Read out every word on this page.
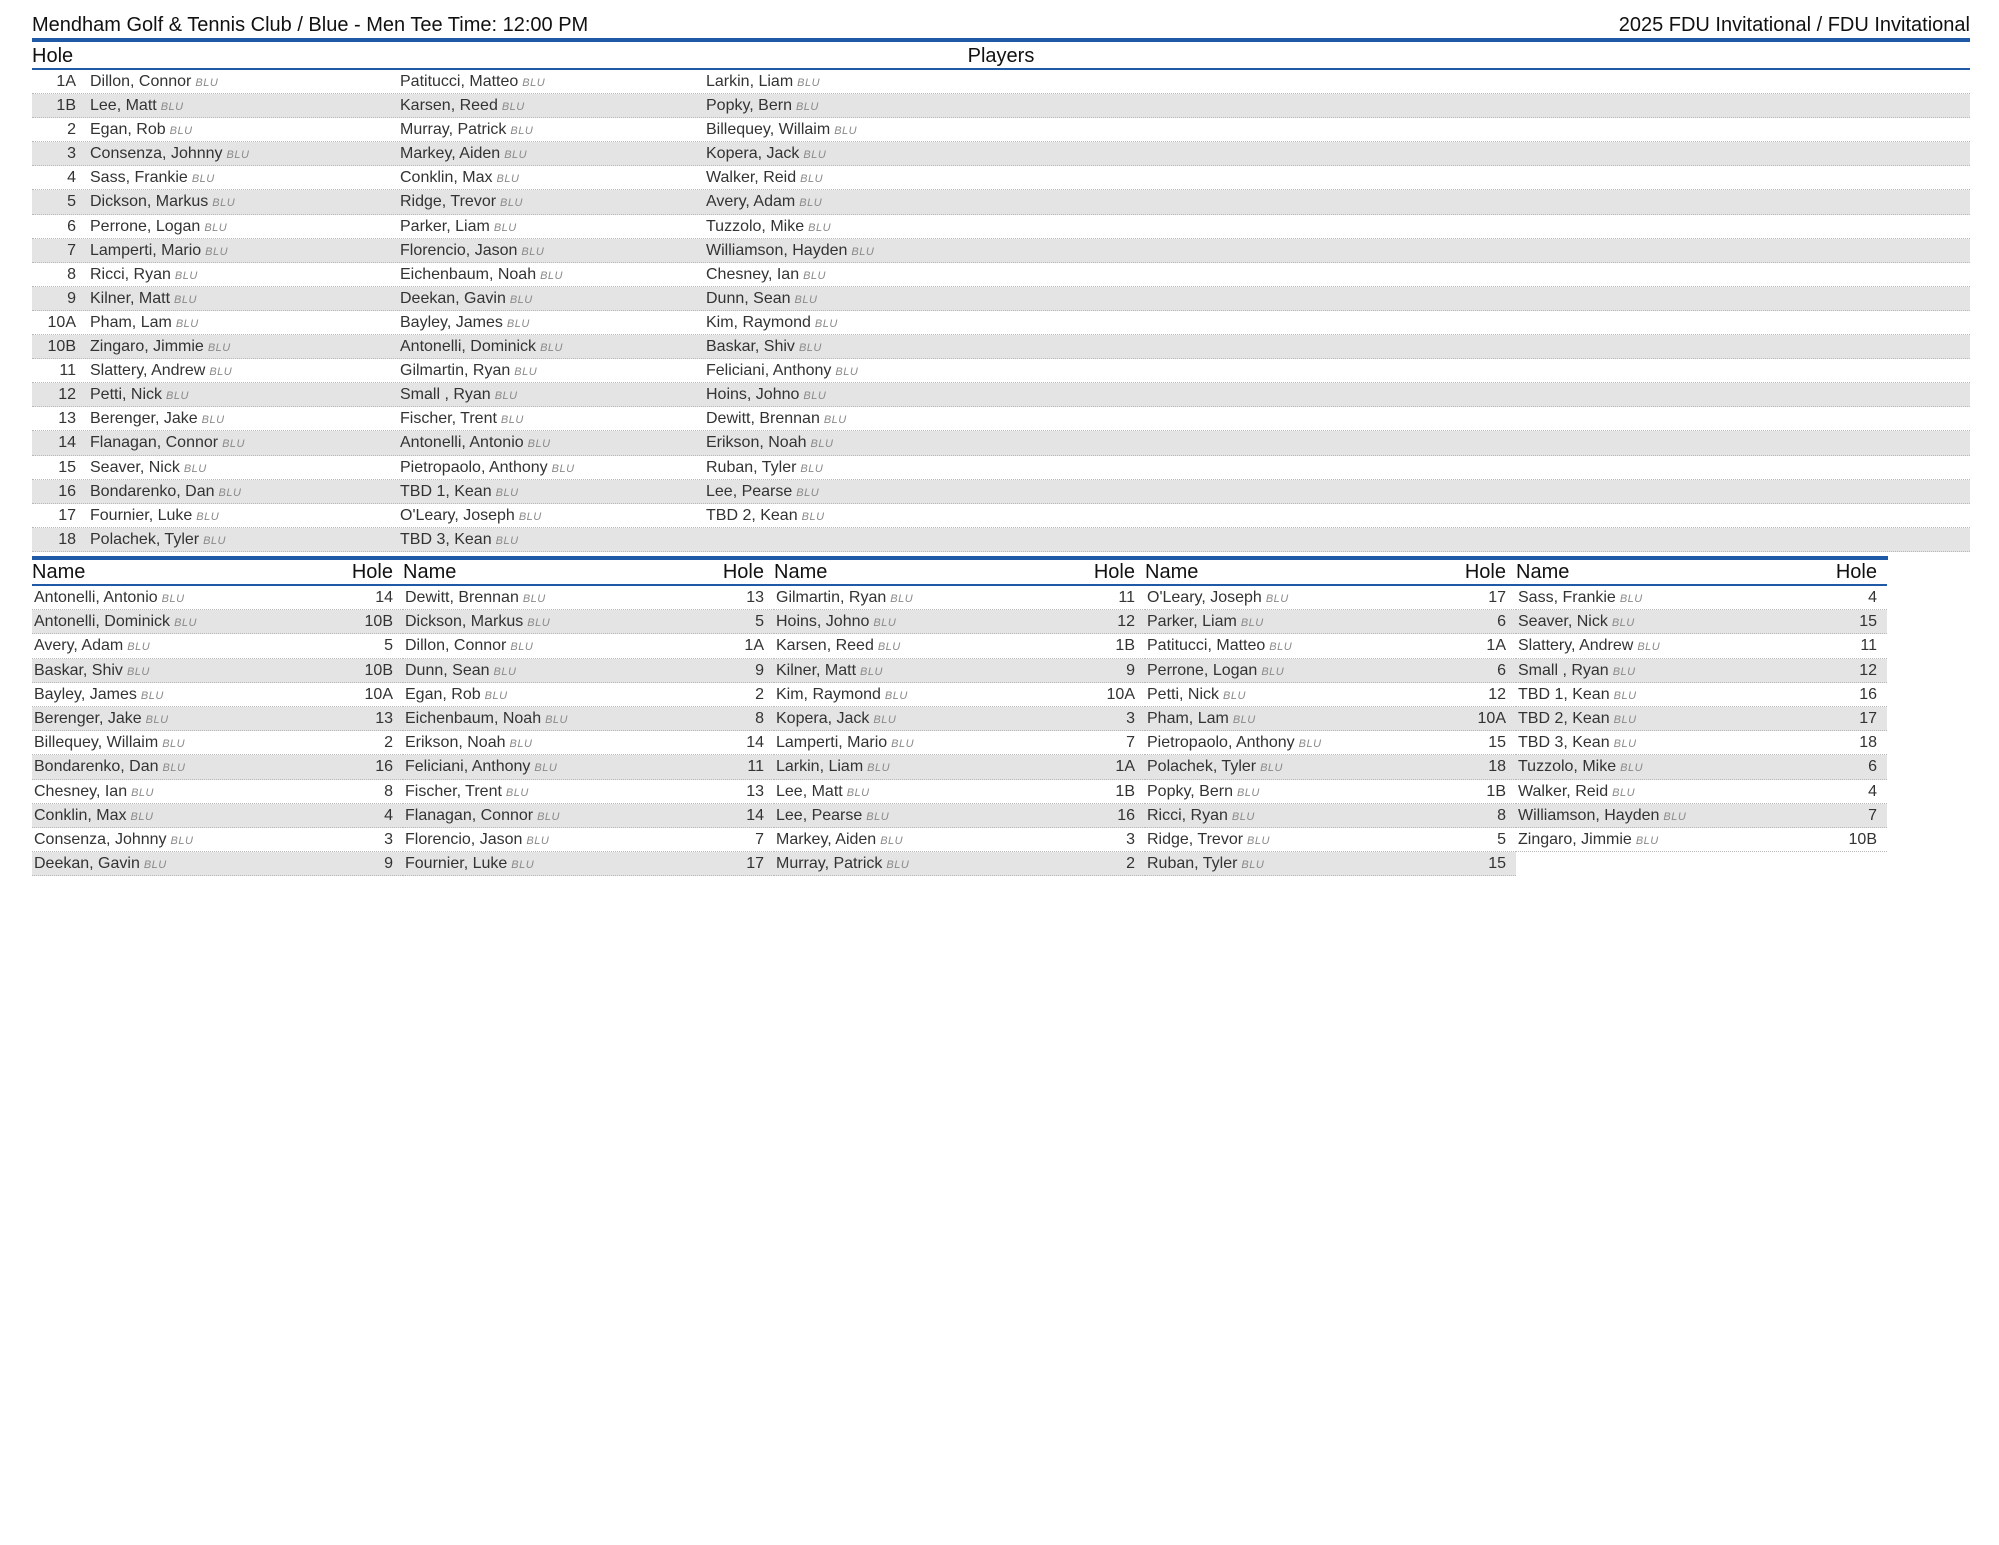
Mendham Golf & Tennis Club / Blue - Men Tee Time: 12:00 PM	2025 FDU Invitational / FDU Invitational
Hole	Players
1A Dillon, Connor BLU	Patitucci, Matteo BLU	Larkin, Liam BLU
1B Lee, Matt BLU	Karsen, Reed BLU	Popky, Bern BLU
2 Egan, Rob BLU	Murray, Patrick BLU	Billequey, Willaim BLU
3 Consenza, Johnny BLU	Markey, Aiden BLU	Kopera, Jack BLU
4 Sass, Frankie BLU	Conklin, Max BLU	Walker, Reid BLU
5 Dickson, Markus BLU	Ridge, Trevor BLU	Avery, Adam BLU
6 Perrone, Logan BLU	Parker, Liam BLU	Tuzzolo, Mike BLU
7 Lamperti, Mario BLU	Florencio, Jason BLU	Williamson, Hayden BLU
8 Ricci, Ryan BLU	Eichenbaum, Noah BLU	Chesney, Ian BLU
9 Kilner, Matt BLU	Deekan, Gavin BLU	Dunn, Sean BLU
10A Pham, Lam BLU	Bayley, James BLU	Kim, Raymond BLU
10B Zingaro, Jimmie BLU	Antonelli, Dominick BLU	Baskar, Shiv BLU
11 Slattery, Andrew BLU	Gilmartin, Ryan BLU	Feliciani, Anthony BLU
12 Petti, Nick BLU	Small , Ryan BLU	Hoins, Johno BLU
13 Berenger, Jake BLU	Fischer, Trent BLU	Dewitt, Brennan BLU
14 Flanagan, Connor BLU	Antonelli, Antonio BLU	Erikson, Noah BLU
15 Seaver, Nick BLU	Pietropaolo, Anthony BLU	Ruban, Tyler BLU
16 Bondarenko, Dan BLU	TBD 1, Kean BLU	Lee, Pearse BLU
17 Fournier, Luke BLU	O'Leary, Joseph BLU	TBD 2, Kean BLU
18 Polachek, Tyler BLU	TBD 3, Kean BLU
Name	Hole
Antonelli, Antonio BLU	14
Antonelli, Dominick BLU	10B
Avery, Adam BLU	5
Baskar, Shiv BLU	10B
Bayley, James BLU	10A
Berenger, Jake BLU	13
Billequey, Willaim BLU	2
Bondarenko, Dan BLU	16
Chesney, Ian BLU	8
Conklin, Max BLU	4
Consenza, Johnny BLU	3
Deekan, Gavin BLU	9
Name	Hole
Dewitt, Brennan BLU	13
Dickson, Markus BLU	5
Dillon, Connor BLU	1A
Dunn, Sean BLU	9
Egan, Rob BLU	2
Eichenbaum, Noah BLU	8
Erikson, Noah BLU	14
Feliciani, Anthony BLU	11
Fischer, Trent BLU	13
Flanagan, Connor BLU	14
Florencio, Jason BLU	7
Fournier, Luke BLU	17
Name	Hole
Gilmartin, Ryan BLU	11
Hoins, Johno BLU	12
Karsen, Reed BLU	1B
Kilner, Matt BLU	9
Kim, Raymond BLU	10A
Kopera, Jack BLU	3
Lamperti, Mario BLU	7
Larkin, Liam BLU	1A
Lee, Matt BLU	1B
Lee, Pearse BLU	16
Markey, Aiden BLU	3
Murray, Patrick BLU	2
Name	Hole
O'Leary, Joseph BLU	17
Parker, Liam BLU	6
Patitucci, Matteo BLU	1A
Perrone, Logan BLU	6
Petti, Nick BLU	12
Pham, Lam BLU	10A
Pietropaolo, Anthony BLU	15
Polachek, Tyler BLU	18
Popky, Bern BLU	1B
Ricci, Ryan BLU	8
Ridge, Trevor BLU	5
Ruban, Tyler BLU	15
Name	Hole
Sass, Frankie BLU	4
Seaver, Nick BLU	15
Slattery, Andrew BLU	11
Small , Ryan BLU	12
TBD 1, Kean BLU	16
TBD 2, Kean BLU	17
TBD 3, Kean BLU	18
Tuzzolo, Mike BLU	6
Walker, Reid BLU	4
Williamson, Hayden BLU	7
Zingaro, Jimmie BLU	10B
